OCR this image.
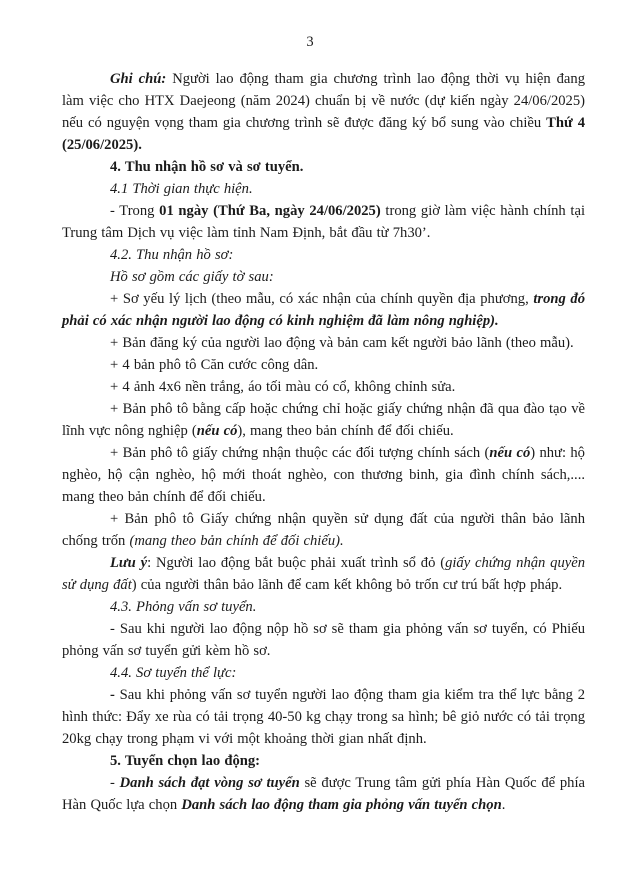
3

Ghi chú: Người lao động tham gia chương trình lao động thời vụ hiện đang làm việc cho HTX Daejeong (năm 2024) chuẩn bị về nước (dự kiến ngày 24/06/2025) nếu có nguyện vọng tham gia chương trình sẽ được đăng ký bổ sung vào chiều Thứ 4 (25/06/2025).

4. Thu nhận hồ sơ và sơ tuyển.

4.1 Thời gian thực hiện.

- Trong 01 ngày (Thứ Ba, ngày 24/06/2025) trong giờ làm việc hành chính tại Trung tâm Dịch vụ việc làm tỉnh Nam Định, bắt đầu từ 7h30’.

4.2. Thu nhận hồ sơ:

Hồ sơ gồm các giấy tờ sau:

+ Sơ yếu lý lịch (theo mẫu, có xác nhận của chính quyền địa phương, trong đó phải có xác nhận người lao động có kinh nghiệm đã làm nông nghiệp).

+ Bản đăng ký của người lao động và bản cam kết người bảo lãnh (theo mẫu).

+ 4 bản phô tô Căn cước công dân.

+ 4 ảnh 4x6 nền trắng, áo tối màu có cổ, không chỉnh sửa.

+ Bản phô tô bằng cấp hoặc chứng chỉ hoặc giấy chứng nhận đã qua đào tạo về lĩnh vực nông nghiệp (nếu có), mang theo bản chính để đối chiếu.

+ Bản phô tô giấy chứng nhận thuộc các đối tượng chính sách (nếu có) như: hộ nghèo, hộ cận nghèo, hộ mới thoát nghèo, con thương binh, gia đình chính sách,.... mang theo bản chính để đối chiếu.

+ Bản phô tô Giấy chứng nhận quyền sử dụng đất của người thân bảo lãnh chống trốn (mang theo bản chính để đối chiếu).

Lưu ý: Người lao động bắt buộc phải xuất trình sổ đỏ (giấy chứng nhận quyền sử dụng đất) của người thân bảo lãnh để cam kết không bỏ trốn cư trú bất hợp pháp.

4.3. Phỏng vấn sơ tuyển.

- Sau khi người lao động nộp hồ sơ sẽ tham gia phỏng vấn sơ tuyển, có Phiếu phỏng vấn sơ tuyển gửi kèm hồ sơ.

4.4. Sơ tuyển thể lực:

- Sau khi phỏng vấn sơ tuyển người lao động tham gia kiểm tra thể lực bằng 2 hình thức: Đẩy xe rùa có tải trọng 40-50 kg chạy trong sa hình; bê giỏ nước có tải trọng 20kg chạy trong phạm vi với một khoảng thời gian nhất định.

5. Tuyển chọn lao động:

- Danh sách đạt vòng sơ tuyển sẽ được Trung tâm gửi phía Hàn Quốc để phía Hàn Quốc lựa chọn Danh sách lao động tham gia phỏng vấn tuyển chọn.
